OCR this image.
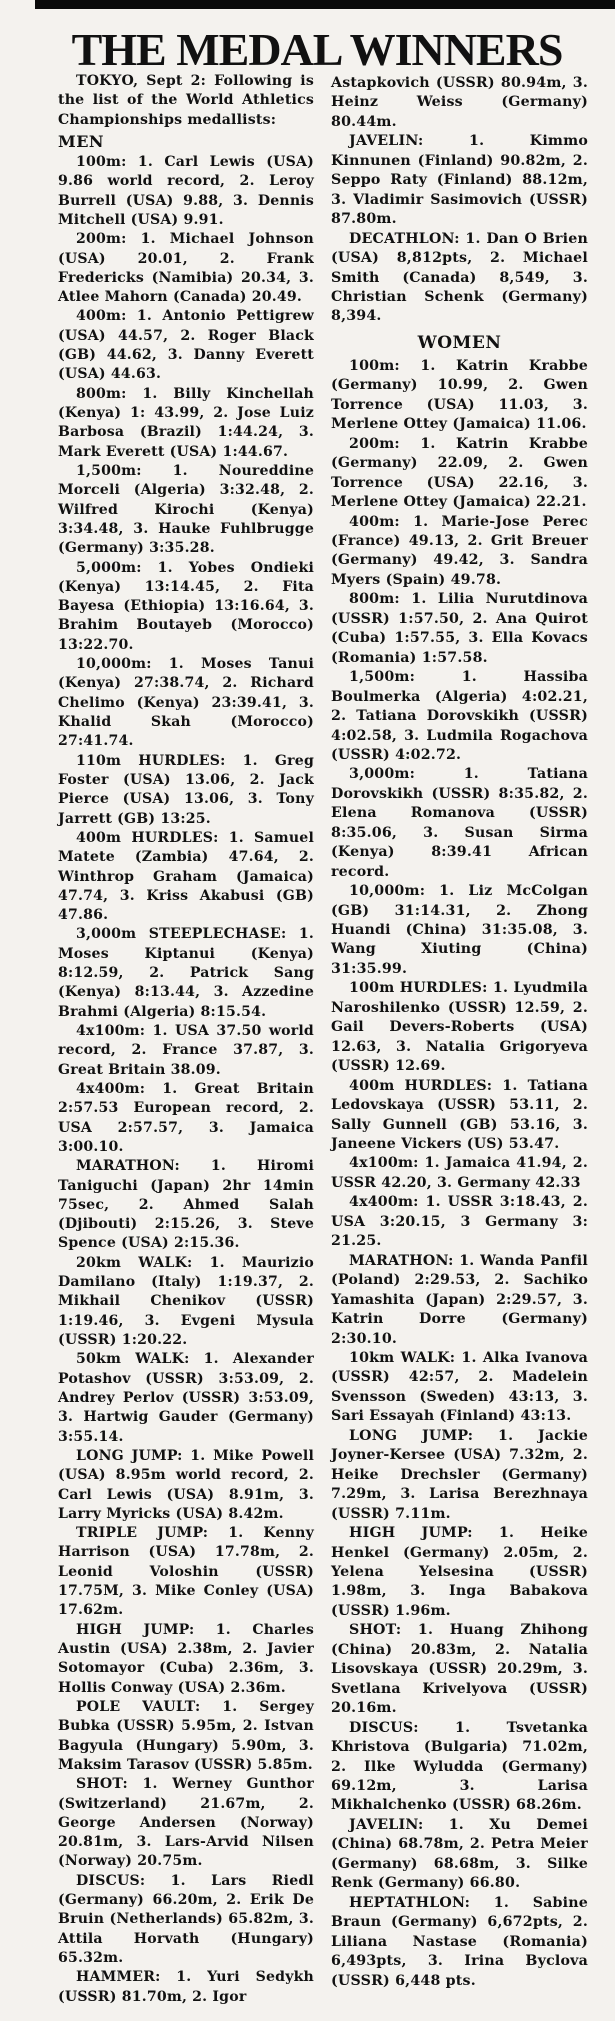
THE MEDAL WINNERS

TOKYO, Sept 2: Following is the list of the World Athletics Championships medallists:

MEN

100m: 1. Carl Lewis (USA) 9.86 world record, 2. Leroy Burrell (USA) 9.88, 3. Dennis Mitchell (USA) 9.91.

200m: 1. Michael Johnson (USA) 20.01, 2. Frank Fredericks (Namibia) 20.34, 3. Atlee Mahorn (Canada) 20.49.

400m: 1. Antonio Pettigrew (USA) 44.57, 2. Roger Black (GB) 44.62, 3. Danny Everett (USA) 44.63.

800m: 1. Billy Kinchellah (Kenya) 1: 43.99, 2. Jose Luiz Barbosa (Brazil) 1:44.24, 3. Mark Everett (USA) 1:44.67.

1,500m: 1. Noureddine Morceli (Algeria) 3:32.48, 2. Wilfred Kirochi (Kenya) 3:34.48, 3. Hauke Fuhlbrugge (Germany) 3:35.28.

5,000m: 1. Yobes Ondieki (Kenya) 13:14.45, 2. Fita Bayesa (Ethiopia) 13:16.64, 3. Brahim Boutayeb (Morocco) 13:22.70.

10,000m: 1. Moses Tanui (Kenya) 27:38.74, 2. Richard Chelimo (Kenya) 23:39.41, 3. Khalid Skah (Morocco) 27:41.74.

110m HURDLES: 1. Greg Foster (USA) 13.06, 2. Jack Pierce (USA) 13.06, 3. Tony Jarrett (GB) 13:25.

400m HURDLES: 1. Samuel Matete (Zambia) 47.64, 2. Winthrop Graham (Jamaica) 47.74, 3. Kriss Akabusi (GB) 47.86.

3,000m STEEPLECHASE: 1. Moses Kiptanui (Kenya) 8:12.59, 2. Patrick Sang (Kenya) 8:13.44, 3. Azzedine Brahmi (Algeria) 8:15.54.

4x100m: 1. USA 37.50 world record, 2. France 37.87, 3. Great Britain 38.09.

4x400m: 1. Great Britain 2:57.53 European record, 2. USA 2:57.57, 3. Jamaica 3:00.10.

MARATHON: 1. Hiromi Taniguchi (Japan) 2hr 14min 75sec, 2. Ahmed Salah (Djibouti) 2:15.26, 3. Steve Spence (USA) 2:15.36.

20km WALK: 1. Maurizio Damilano (Italy) 1:19.37, 2. Mikhail Chenikov (USSR) 1:19.46, 3. Evgeni Mysula (USSR) 1:20.22.

50km WALK: 1. Alexander Potashov (USSR) 3:53.09, 2. Andrey Perlov (USSR) 3:53.09, 3. Hartwig Gauder (Germany) 3:55.14.

LONG JUMP: 1. Mike Powell (USA) 8.95m world record, 2. Carl Lewis (USA) 8.91m, 3. Larry Myricks (USA) 8.42m.

TRIPLE JUMP: 1. Kenny Harrison (USA) 17.78m, 2. Leonid Voloshin (USSR) 17.75M, 3. Mike Conley (USA) 17.62m.

HIGH JUMP: 1. Charles Austin (USA) 2.38m, 2. Javier Sotomayor (Cuba) 2.36m, 3. Hollis Conway (USA) 2.36m.

POLE VAULT: 1. Sergey Bubka (USSR) 5.95m, 2. Istvan Bagyula (Hungary) 5.90m, 3. Maksim Tarasov (USSR) 5.85m.

SHOT: 1. Werney Gunthor (Switzerland) 21.67m, 2. George Andersen (Norway) 20.81m, 3. Lars-Arvid Nilsen (Norway) 20.75m.

DISCUS: 1. Lars Riedl (Germany) 66.20m, 2. Erik De Bruin (Netherlands) 65.82m, 3. Attila Horvath (Hungary) 65.32m.

HAMMER: 1. Yuri Sedykh (USSR) 81.70m, 2. Igor

Astapkovich (USSR) 80.94m, 3. Heinz Weiss (Germany) 80.44m.

JAVELIN: 1. Kimmo Kinnunen (Finland) 90.82m, 2. Seppo Raty (Finland) 88.12m, 3. Vladimir Sasimovich (USSR) 87.80m.

DECATHLON: 1. Dan O Brien (USA) 8,812pts, 2. Michael Smith (Canada) 8,549, 3. Christian Schenk (Germany) 8,394.

WOMEN

100m: 1. Katrin Krabbe (Germany) 10.99, 2. Gwen Torrence (USA) 11.03, 3. Merlene Ottey (Jamaica) 11.06.

200m: 1. Katrin Krabbe (Germany) 22.09, 2. Gwen Torrence (USA) 22.16, 3. Merlene Ottey (Jamaica) 22.21.

400m: 1. Marie-Jose Perec (France) 49.13, 2. Grit Breuer (Germany) 49.42, 3. Sandra Myers (Spain) 49.78.

800m: 1. Lilia Nurutdinova (USSR) 1:57.50, 2. Ana Quirot (Cuba) 1:57.55, 3. Ella Kovacs (Romania) 1:57.58.

1,500m: 1. Hassiba Boulmerka (Algeria) 4:02.21, 2. Tatiana Dorovskikh (USSR) 4:02.58, 3. Ludmila Rogachova (USSR) 4:02.72.

3,000m: 1. Tatiana Dorovskikh (USSR) 8:35.82, 2. Elena Romanova (USSR) 8:35.06, 3. Susan Sirma (Kenya) 8:39.41 African record.

10,000m: 1. Liz McColgan (GB) 31:14.31, 2. Zhong Huandi (China) 31:35.08, 3. Wang Xiuting (China) 31:35.99.

100m HURDLES: 1. Lyudmila Naroshilenko (USSR) 12.59, 2. Gail Devers-Roberts (USA) 12.63, 3. Natalia Grigoryeva (USSR) 12.69.

400m HURDLES: 1. Tatiana Ledovskaya (USSR) 53.11, 2. Sally Gunnell (GB) 53.16, 3. Janeene Vickers (US) 53.47.

4x100m: 1. Jamaica 41.94, 2. USSR 42.20, 3. Germany 42.33

4x400m: 1. USSR 3:18.43, 2. USA 3:20.15, 3 Germany 3: 21.25.

MARATHON: 1. Wanda Panfil (Poland) 2:29.53, 2. Sachiko Yamashita (Japan) 2:29.57, 3. Katrin Dorre (Germany) 2:30.10.

10km WALK: 1. Alka Ivanova (USSR) 42:57, 2. Madelein Svensson (Sweden) 43:13, 3. Sari Essayah (Finland) 43:13.

LONG JUMP: 1. Jackie Joyner-Kersee (USA) 7.32m, 2. Heike Drechsler (Germany) 7.29m, 3. Larisa Berezhnaya (USSR) 7.11m.

HIGH JUMP: 1. Heike Henkel (Germany) 2.05m, 2. Yelena Yelsesina (USSR) 1.98m, 3. Inga Babakova (USSR) 1.96m.

SHOT: 1. Huang Zhihong (China) 20.83m, 2. Natalia Lisovskaya (USSR) 20.29m, 3. Svetlana Krivelyova (USSR) 20.16m.

DISCUS: 1. Tsvetanka Khristova (Bulgaria) 71.02m, 2. Ilke Wyludda (Germany) 69.12m, 3. Larisa Mikhalchenko (USSR) 68.26m.

JAVELIN: 1. Xu Demei (China) 68.78m, 2. Petra Meier (Germany) 68.68m, 3. Silke Renk (Germany) 66.80.

HEPTATHLON: 1. Sabine Braun (Germany) 6,672pts, 2. Liliana Nastase (Romania) 6,493pts, 3. Irina Byclova (USSR) 6,448 pts.
